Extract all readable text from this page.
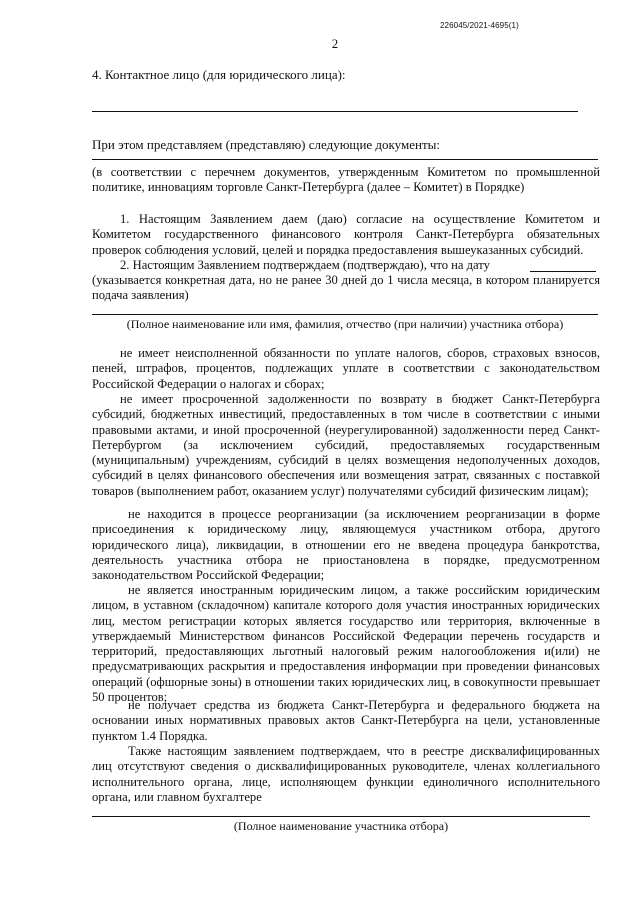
226045/2021-4695(1)
2
4. Контактное лицо (для юридического лица):
При этом представляем (представляю) следующие документы:
(в соответствии с перечнем документов, утвержденным Комитетом по промышленной политике, инновациям торговле Санкт-Петербурга (далее – Комитет) в Порядке)
1. Настоящим Заявлением даем (даю) согласие на осуществление Комитетом и Комитетом государственного финансового контроля Санкт-Петербурга обязательных проверок соблюдения условий, целей и порядка предоставления вышеуказанных субсидий.
2. Настоящим Заявлением подтверждаем (подтверждаю), что на дату
(указывается конкретная дата, но не ранее 30 дней до 1 числа месяца, в котором планируется подача заявления)
(Полное наименование или имя, фамилия, отчество (при наличии) участника отбора)
не имеет неисполненной обязанности по уплате налогов, сборов, страховых взносов, пеней, штрафов, процентов, подлежащих уплате в соответствии с законодательством Российской Федерации о налогах и сборах;
не имеет просроченной задолженности по возврату в бюджет Санкт-Петербурга субсидий, бюджетных инвестиций, предоставленных в том числе в соответствии с иными правовыми актами, и иной просроченной (неурегулированной) задолженности перед Санкт-Петербургом (за исключением субсидий, предоставляемых государственным (муниципальным) учреждениям, субсидий в целях возмещения недополученных доходов, субсидий в целях финансового обеспечения или возмещения затрат, связанных с поставкой товаров (выполнением работ, оказанием услуг) получателями субсидий физическим лицам);
не находится в процессе реорганизации (за исключением реорганизации в форме присоединения к юридическому лицу, являющемуся участником отбора, другого юридического лица), ликвидации, в отношении его не введена процедура банкротства, деятельность участника отбора не приостановлена в порядке, предусмотренном законодательством Российской Федерации;
не является иностранным юридическим лицом, а также российским юридическим лицом, в уставном (складочном) капитале которого доля участия иностранных юридических лиц, местом регистрации которых является государство или территория, включенные в утверждаемый Министерством финансов Российской Федерации перечень государств и территорий, предоставляющих льготный налоговый режим налогообложения и(или) не предусматривающих раскрытия и предоставления информации при проведении финансовых операций (офшорные зоны) в отношении таких юридических лиц, в совокупности превышает 50 процентов;
не получает средства из бюджета Санкт-Петербурга и федерального бюджета на основании иных нормативных правовых актов Санкт-Петербурга на цели, установленные пунктом 1.4 Порядка.
Также настоящим заявлением подтверждаем, что в реестре дисквалифицированных лиц отсутствуют сведения о дисквалифицированных руководителе, членах коллегиального исполнительного органа, лице, исполняющем функции единоличного исполнительного органа, или главном бухгалтере
(Полное наименование участника отбора)
